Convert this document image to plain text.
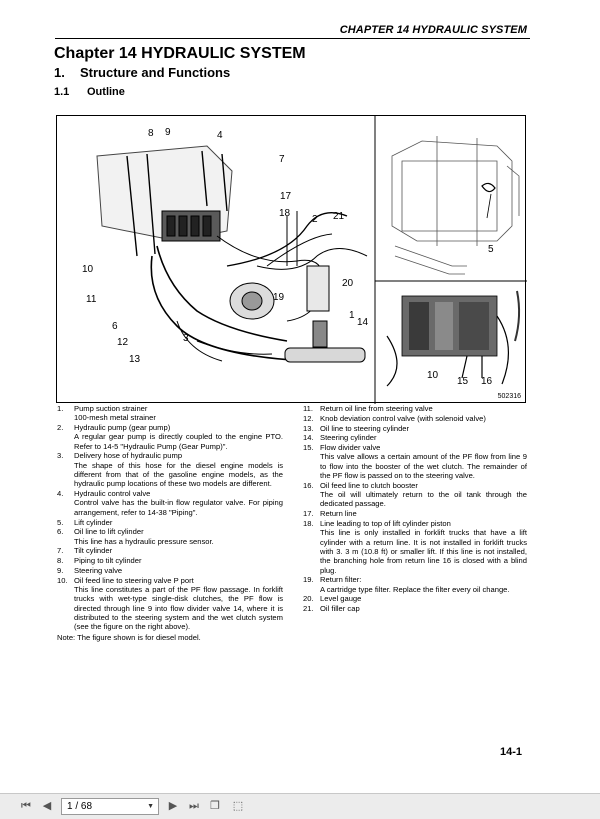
CHAPTER 14 HYDRAULIC SYSTEM
Chapter 14 HYDRAULIC SYSTEM
1. Structure and Functions
1.1 Outline
8 9	4
7
17
18
2 21
10
11
20
19
1
14
6
12
13
3
5
10
15 16
502316
1.	Pump suction strainer
100-mesh metal strainer
2.	Hydraulic pump (gear pump)
A regular gear pump is directly coupled to the engine PTO. Refer to 14-5 "Hydraulic Pump (Gear Pump)".
3.	Delivery hose of hydraulic pump
The shape of this hose for the diesel engine models is different from that of the gasoline engine models, as the hydraulic pump locations of these two models are different.
4.	Hydraulic control valve
Control valve has the built-in flow regulator valve. For piping arrangement, refer to 14-38 "Piping".
5.	Lift cylinder
6.	Oil line to lift cylinder
This line has a hydraulic pressure sensor.
7.	Tilt cylinder
8.	Piping to tilt cylinder
9.	Steering valve
10. Oil feed line to steering valve P port
This line constitutes a part of the PF flow passage. In forklift trucks with wet-type single-disk clutches, the PF flow is directed through line 9 into flow divider valve 14, where it is distributed to the steering system and the wet clutch system (see the figure on the right above).
Note: The figure shown is for diesel model.
11. Return oil line from steering valve
12. Knob deviation control valve (with solenoid valve)
13. Oil line to steering cylinder
14. Steering cylinder
15. Flow divider valve
This valve allows a certain amount of the PF flow from line 9 to flow into the booster of the wet clutch. The remainder of the PF flow is passed on to the steering valve.
16. Oil feed line to clutch booster
The oil will ultimately return to the oil tank through the dedicated passage.
17. Return line
18. Line leading to top of lift cylinder piston
This line is only installed in forklift trucks that have a lift cylinder with a return line. It is not installed in forklift trucks with 3. 3 m (10.8 ft) or smaller lift. If this line is not installed, the branching hole from return line 16 is closed with a blind plug.
19. Return filter:
A cartridge type filter. Replace the filter every oil change.
20. Level gauge
21. Oil filler cap
14-1
⏮ ◀	1 / 68	▼ ▶ ⏭ ❐ ⬚
